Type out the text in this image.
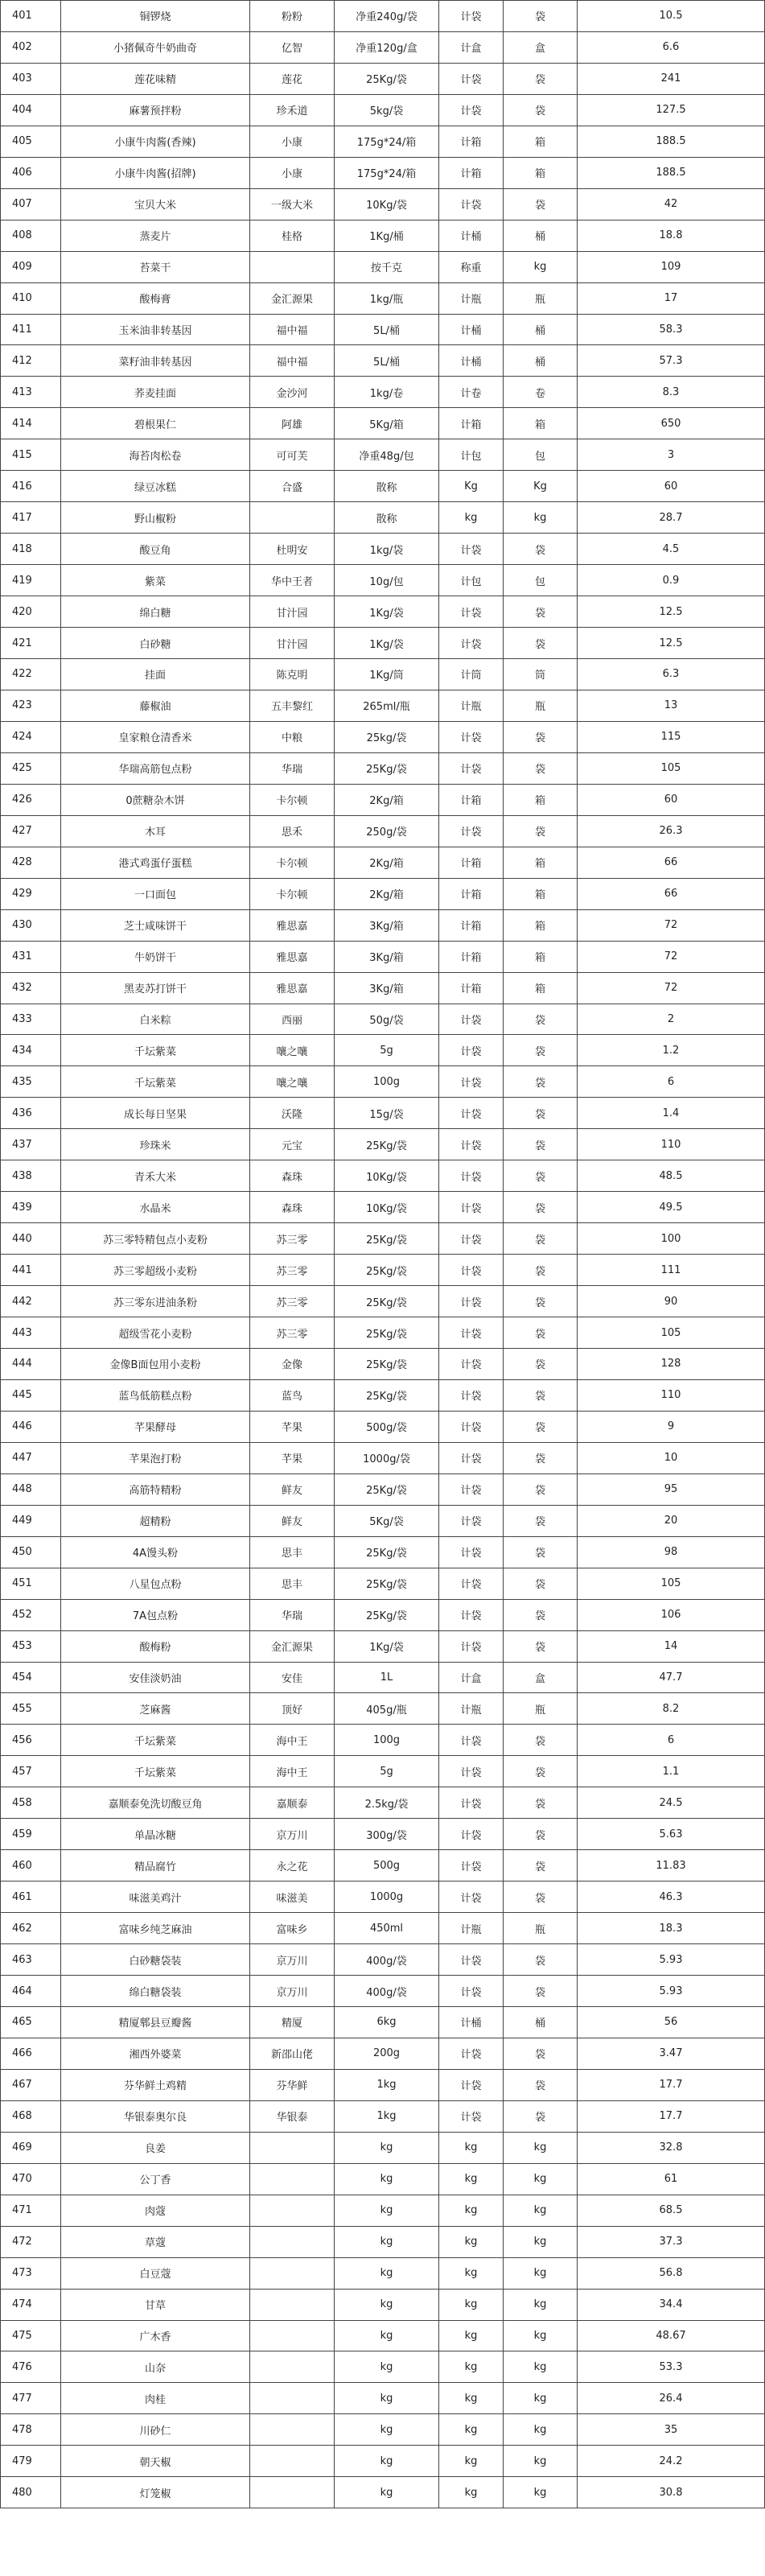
401	铜锣烧	粉粉	净重240g/袋	计袋	袋	10.5
402	小猪佩奇牛奶曲奇	亿智	净重120g/盒	计盒	盒	6.6
403	莲花味精	莲花	25Kg/袋	计袋	袋	241
404	麻薯预拌粉	珍禾道	5kg/袋	计袋	袋	127.5
405	小康牛肉酱(香辣)	小康	175g*24/箱	计箱	箱	188.5
406	小康牛肉酱(招牌)	小康	175g*24/箱	计箱	箱	188.5
407	宝贝大米	一级大米	10Kg/袋	计袋	袋	42
408	蒸麦片	桂格	1Kg/桶	计桶	桶	18.8
409	苔菜干		按千克	称重	kg	109
410	酸梅膏	金汇源果	1kg/瓶	计瓶	瓶	17
411	玉米油非转基因	福中福	5L/桶	计桶	桶	58.3
412	菜籽油非转基因	福中福	5L/桶	计桶	桶	57.3
413	荞麦挂面	金沙河	1kg/卷	计卷	卷	8.3
414	碧根果仁	阿雄	5Kg/箱	计箱	箱	650
415	海苔肉松卷	可可芙	净重48g/包	计包	包	3
416	绿豆冰糕	合盛	散称	Kg	Kg	60
417	野山椒粉		散称	kg	kg	28.7
418	酸豆角	杜明安	1kg/袋	计袋	袋	4.5
419	紫菜	华中王者	10g/包	计包	包	0.9
420	绵白糖	甘汁园	1Kg/袋	计袋	袋	12.5
421	白砂糖	甘汁园	1Kg/袋	计袋	袋	12.5
422	挂面	陈克明	1Kg/筒	计筒	筒	6.3
423	藤椒油	五丰黎红	265ml/瓶	计瓶	瓶	13
424	皇家粮仓清香米	中粮	25kg/袋	计袋	袋	115
425	华瑞高筋包点粉	华瑞	25Kg/袋	计袋	袋	105
426	0蔗糖杂木饼	卡尔顿	2Kg/箱	计箱	箱	60
427	木耳	思禾	250g/袋	计袋	袋	26.3
428	港式鸡蛋仔蛋糕	卡尔顿	2Kg/箱	计箱	箱	66
429	一口面包	卡尔顿	2Kg/箱	计箱	箱	66
430	芝士咸味饼干	雅思嘉	3Kg/箱	计箱	箱	72
431	牛奶饼干	雅思嘉	3Kg/箱	计箱	箱	72
432	黑麦苏打饼干	雅思嘉	3Kg/箱	计箱	箱	72
433	白米粽	西丽	50g/袋	计袋	袋	2
434	千坛紫菜	嚷之嚷	5g	计袋	袋	1.2
435	千坛紫菜	嚷之嚷	100g	计袋	袋	6
436	成长每日坚果	沃隆	15g/袋	计袋	袋	1.4
437	珍珠米	元宝	25Kg/袋	计袋	袋	110
438	青禾大米	森珠	10Kg/袋	计袋	袋	48.5
439	水晶米	森珠	10Kg/袋	计袋	袋	49.5
440	苏三零特精包点小麦粉	苏三零	25Kg/袋	计袋	袋	100
441	苏三零超级小麦粉	苏三零	25Kg/袋	计袋	袋	111
442	苏三零东进油条粉	苏三零	25Kg/袋	计袋	袋	90
443	超级雪花小麦粉	苏三零	25Kg/袋	计袋	袋	105
444	金像B面包用小麦粉	金像	25Kg/袋	计袋	袋	128
445	蓝鸟低筋糕点粉	蓝鸟	25Kg/袋	计袋	袋	110
446	芊果酵母	芊果	500g/袋	计袋	袋	9
447	芊果泡打粉	芊果	1000g/袋	计袋	袋	10
448	高筋特精粉	鲜友	25Kg/袋	计袋	袋	95
449	超精粉	鲜友	5Kg/袋	计袋	袋	20
450	4A馒头粉	思丰	25Kg/袋	计袋	袋	98
451	八星包点粉	思丰	25Kg/袋	计袋	袋	105
452	7A包点粉	华瑞	25Kg/袋	计袋	袋	106
453	酸梅粉	金汇源果	1Kg/袋	计袋	袋	14
454	安佳淡奶油	安佳	1L	计盒	盒	47.7
455	芝麻酱	顶好	405g/瓶	计瓶	瓶	8.2
456	千坛紫菜	海中王	100g	计袋	袋	6
457	千坛紫菜	海中王	5g	计袋	袋	1.1
458	嘉顺泰免洗切酸豆角	嘉顺泰	2.5kg/袋	计袋	袋	24.5
459	单晶冰糖	京万川	300g/袋	计袋	袋	5.63
460	精品腐竹	永之花	500g	计袋	袋	11.83
461	味滋美鸡汁	味滋美	1000g	计袋	袋	46.3
462	富味乡纯芝麻油	富味乡	450ml	计瓶	瓶	18.3
463	白砂糖袋装	京万川	400g/袋	计袋	袋	5.93
464	绵白糖袋装	京万川	400g/袋	计袋	袋	5.93
465	精厦郫县豆瓣酱	精厦	6kg	计桶	桶	56
466	湘西外婆菜	新邵山佬	200g	计袋	袋	3.47
467	芬华鲜土鸡精	芬华鲜	1kg	计袋	袋	17.7
468	华银泰奥尔良	华银泰	1kg	计袋	袋	17.7
469	良姜		kg	kg	kg	32.8
470	公丁香		kg	kg	kg	61
471	肉蔻		kg	kg	kg	68.5
472	草蔻		kg	kg	kg	37.3
473	白豆蔻		kg	kg	kg	56.8
474	甘草		kg	kg	kg	34.4
475	广木香		kg	kg	kg	48.67
476	山奈		kg	kg	kg	53.3
477	肉桂		kg	kg	kg	26.4
478	川砂仁		kg	kg	kg	35
479	朝天椒		kg	kg	kg	24.2
480	灯笼椒		kg	kg	kg	30.8
